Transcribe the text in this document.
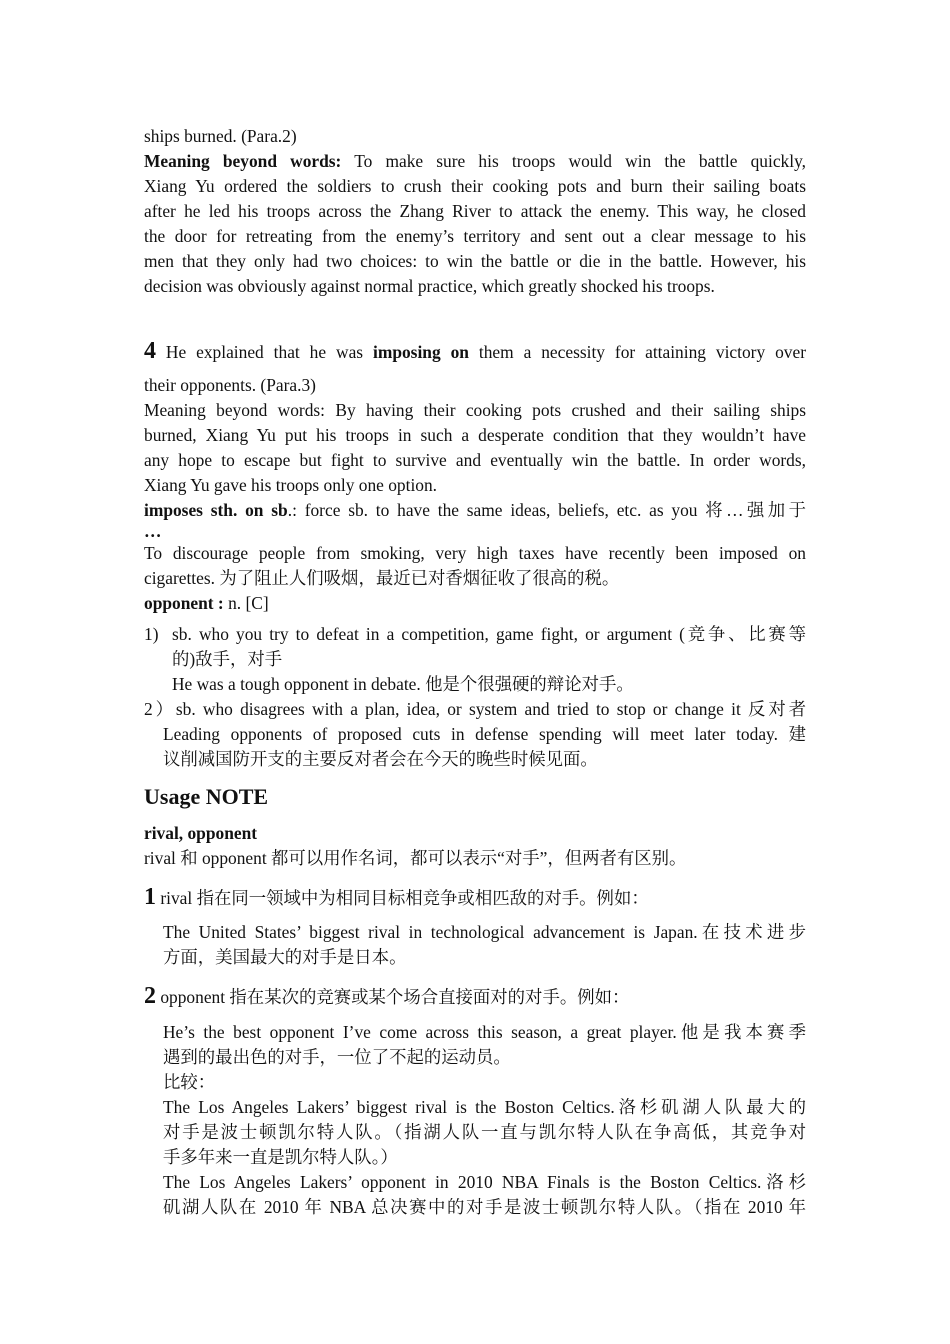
ships burned. (Para.2)
Meaning beyond words: To make sure his troops would win the battle quickly,
Xiang Yu ordered the soldiers to crush their cooking pots and burn their sailing boats
after he led his troops across the Zhang River to attack the enemy. This way, he closed
the door for retreating from the enemy’s territory and sent out a clear message to his
men that they only had two choices: to win the battle or die in the battle. However, his
decision was obviously against normal practice, which greatly shocked his troops.
4 He explained that he was imposing on them a necessity for attaining victory over
their opponents. (Para.3)
Meaning beyond words: By having their cooking pots crushed and their sailing ships
burned, Xiang Yu put his troops in such a desperate condition that they wouldn’t have
any hope to escape but fight to survive and eventually win the battle. In order words,
Xiang Yu gave his troops only one option.
imposes sth. on sb.: force sb. to have the same ideas, beliefs, etc. as you 将…强加于
…
To discourage people from smoking, very high taxes have recently been imposed on
cigarettes. 为了阻止人们吸烟，最近已对香烟征收了很高的税。
opponent : n. [C]
1) sb. who you try to defeat in a competition, game fight, or argument (竞争、比赛等
的)敌手，对手
He was a tough opponent in debate. 他是个很强硬的辩论对手。
2）sb. who disagrees with a plan, idea, or system and tried to stop or change it 反对者
Leading opponents of proposed cuts in defense spending will meet later today. 建
议削减国防开支的主要反对者会在今天的晚些时候见面。
Usage NOTE
rival, opponent
rival 和 opponent 都可以用作名词，都可以表示“对手”，但两者有区别。
1 rival 指在同一领域中为相同目标相竞争或相匹敌的对手。例如：
The United States’ biggest rival in technological advancement is Japan.在技术进步
方面，美国最大的对手是日本。
2 opponent 指在某次的竞赛或某个场合直接面对的对手。例如：
He’s the best opponent I’ve come across this season, a great player.他是我本赛季
遇到的最出色的对手，一位了不起的运动员。
比较：
The Los Angeles Lakers’ biggest rival is the Boston Celtics.洛杉矶湖人队最大的
对手是波士顿凯尔特人队。（指湖人队一直与凯尔特人队在争高低，其竞争对
手多年来一直是凯尔特人队。）
The Los Angeles Lakers’ opponent in 2010 NBA Finals is the Boston Celtics.洛杉
矶湖人队在 2010 年 NBA 总决赛中的对手是波士顿凯尔特人队。（指在 2010 年
